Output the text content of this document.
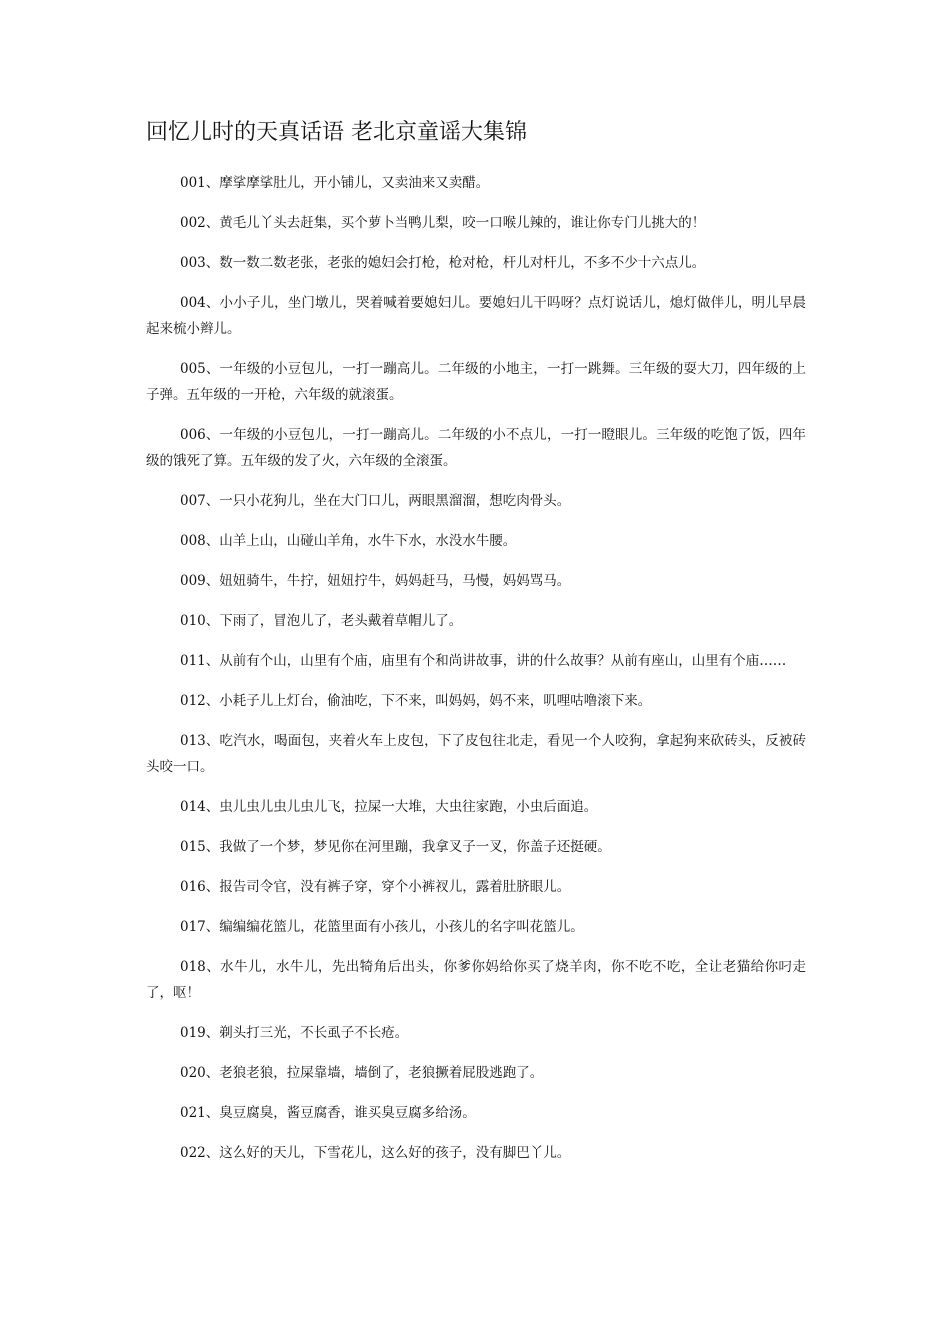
回忆儿时的天真话语 老北京童谣大集锦

001、摩挲摩挲肚儿，开小铺儿，又卖油来又卖醋。

002、黄毛儿丫头去赶集，买个萝卜当鸭儿梨，咬一口喉儿辣的，谁让你专门儿挑大的！

003、数一数二数老张，老张的媳妇会打枪，枪对枪，杆儿对杆儿，不多不少十六点儿。

004、小小子儿，坐门墩儿，哭着喊着要媳妇儿。要媳妇儿干吗呀？点灯说话儿，熄灯做伴儿，明儿早晨起来梳小辫儿。

005、一年级的小豆包儿，一打一蹦高儿。二年级的小地主，一打一跳舞。三年级的耍大刀，四年级的上子弹。五年级的一开枪，六年级的就滚蛋。

006、一年级的小豆包儿，一打一蹦高儿。二年级的小不点儿，一打一瞪眼儿。三年级的吃饱了饭，四年级的饿死了算。五年级的发了火，六年级的全滚蛋。

007、一只小花狗儿，坐在大门口儿，两眼黑溜溜，想吃肉骨头。

008、山羊上山，山碰山羊角，水牛下水，水没水牛腰。

009、妞妞骑牛，牛拧，妞妞拧牛，妈妈赶马，马慢，妈妈骂马。

010、下雨了，冒泡儿了，老头戴着草帽儿了。

011、从前有个山，山里有个庙，庙里有个和尚讲故事，讲的什么故事？从前有座山，山里有个庙……

012、小耗子儿上灯台，偷油吃，下不来，叫妈妈，妈不来，叽哩咕噜滚下来。

013、吃汽水，喝面包，夹着火车上皮包，下了皮包往北走，看见一个人咬狗，拿起狗来砍砖头，反被砖头咬一口。

014、虫儿虫儿虫儿虫儿飞，拉屎一大堆，大虫往家跑，小虫后面追。

015、我做了一个梦，梦见你在河里蹦，我拿叉子一叉，你盖子还挺硬。

016、报告司令官，没有裤子穿，穿个小裤衩儿，露着肚脐眼儿。

017、编编编花篮儿，花篮里面有小孩儿，小孩儿的名字叫花篮儿。

018、水牛儿，水牛儿，先出犄角后出头，你爹你妈给你买了烧羊肉，你不吃不吃，全让老猫给你叼走了，呕！

019、剃头打三光，不长虱子不长疮。

020、老狼老狼，拉屎靠墙，墙倒了，老狼撅着屁股逃跑了。

021、臭豆腐臭，酱豆腐香，谁买臭豆腐多给汤。

022、这么好的天儿，下雪花儿，这么好的孩子，没有脚巴丫儿。
